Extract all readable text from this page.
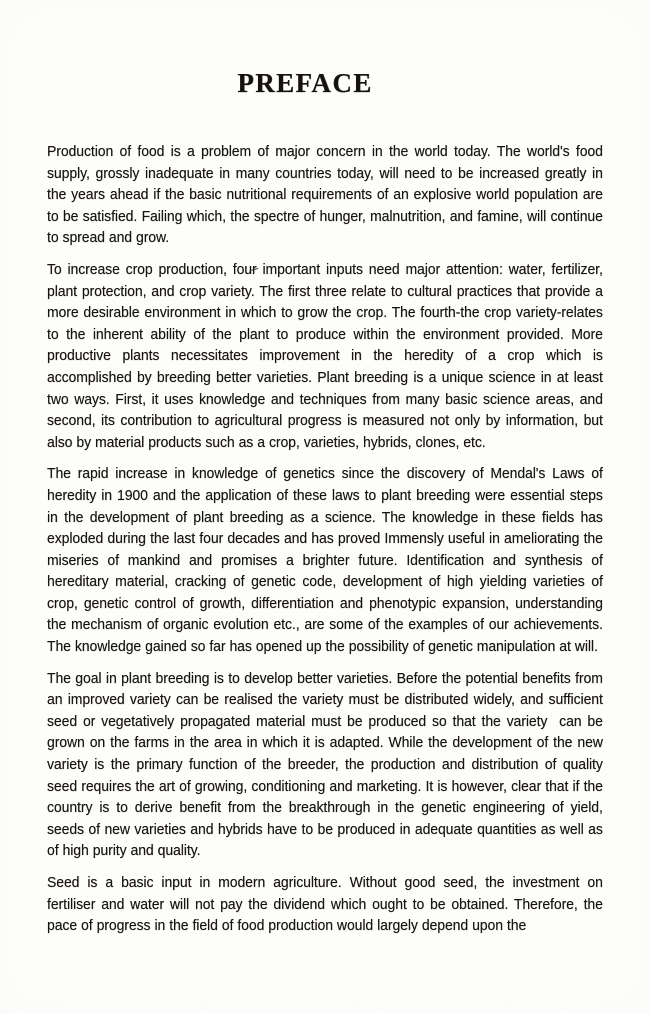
PREFACE

Production of food is a problem of major concern in the world today. The world's food supply, grossly inadequate in many countries today, will need to be increased greatly in the years ahead if the basic nutritional requirements of an explosive world population are to be satisfied. Failing which, the spectre of hunger, malnutrition, and famine, will continue to spread and grow.

To increase crop production, four important inputs need major attention: water, fertilizer, plant protection, and crop variety. The first three relate to cultural practices that provide a more desirable environment in which to grow the crop. The fourth-the crop variety-relates to the inherent ability of the plant to produce within the environment provided. More productive plants necessitates improvement in the heredity of a crop which is accomplished by breeding better varieties. Plant breeding is a unique science in at least two ways. First, it uses knowledge and techniques from many basic science areas, and second, its contribution to agricultural progress is measured not only by information, but also by material products such as a crop, varieties, hybrids, clones, etc.

The rapid increase in knowledge of genetics since the discovery of Mendal's Laws of heredity in 1900 and the application of these laws to plant breeding were essential steps in the development of plant breeding as a science. The knowledge in these fields has exploded during the last four decades and has proved Immensly useful in ameliorating the miseries of mankind and promises a brighter future. Identification and synthesis of hereditary material, cracking of genetic code, development of high yielding varieties of crop, genetic control of growth, differentiation and phenotypic expansion, understanding the mechanism of organic evolution etc., are some of the examples of our achievements. The knowledge gained so far has opened up the possibility of genetic manipulation at will.

The goal in plant breeding is to develop better varieties. Before the potential benefits from an improved variety can be realised the variety must be distributed widely, and sufficient seed or vegetatively propagated material must be produced so that the variety  can be grown on the farms in the area in which it is adapted. While the development of the new variety is the primary function of the breeder, the production and distribution of quality seed requires the art of growing, conditioning and marketing. It is however, clear that if the country is to derive benefit from the breakthrough in the genetic engineering of yield, seeds of new varieties and hybrids have to be produced in adequate quantities as well as of high purity and quality.

Seed is a basic input in modern agriculture. Without good seed, the investment on fertiliser and water will not pay the dividend which ought to be obtained. Therefore, the pace of progress in the field of food production would largely depend upon the
